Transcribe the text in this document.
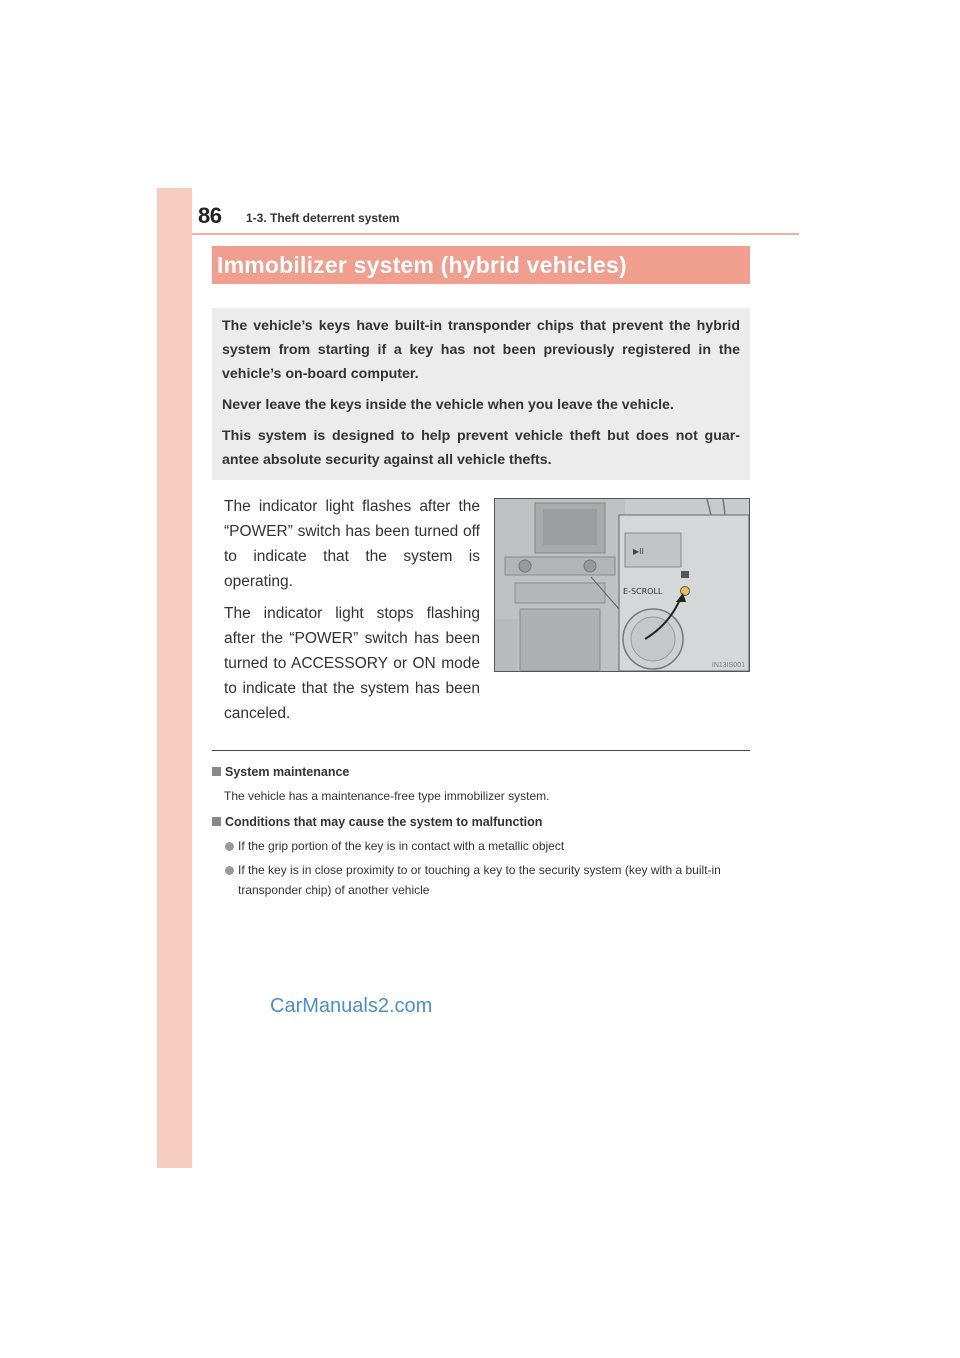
86 1-3. Theft deterrent system
Immobilizer system (hybrid vehicles)

The vehicle’s keys have built-in transponder chips that prevent the hybrid system from starting if a key has not been previously registered in the vehicle’s on-board computer.

Never leave the keys inside the vehicle when you leave the vehicle.

This system is designed to help prevent vehicle theft but does not guar- antee absolute security against all vehicle thefts.

The indicator light flashes after the “POWER” switch has been turned off to indicate that the system is operating.

The indicator light stops flashing after the “POWER” switch has been turned to ACCESSORY or ON mode to indicate that the system has been canceled.

▶II
E-SCROLL
IN13IS001
System maintenance
The vehicle has a maintenance-free type immobilizer system.
Conditions that may cause the system to malfunction
If the grip portion of the key is in contact with a metallic object
If the key is in close proximity to or touching a key to the security system (key with a built-in transponder chip) of another vehicle
CarManuals2.com
